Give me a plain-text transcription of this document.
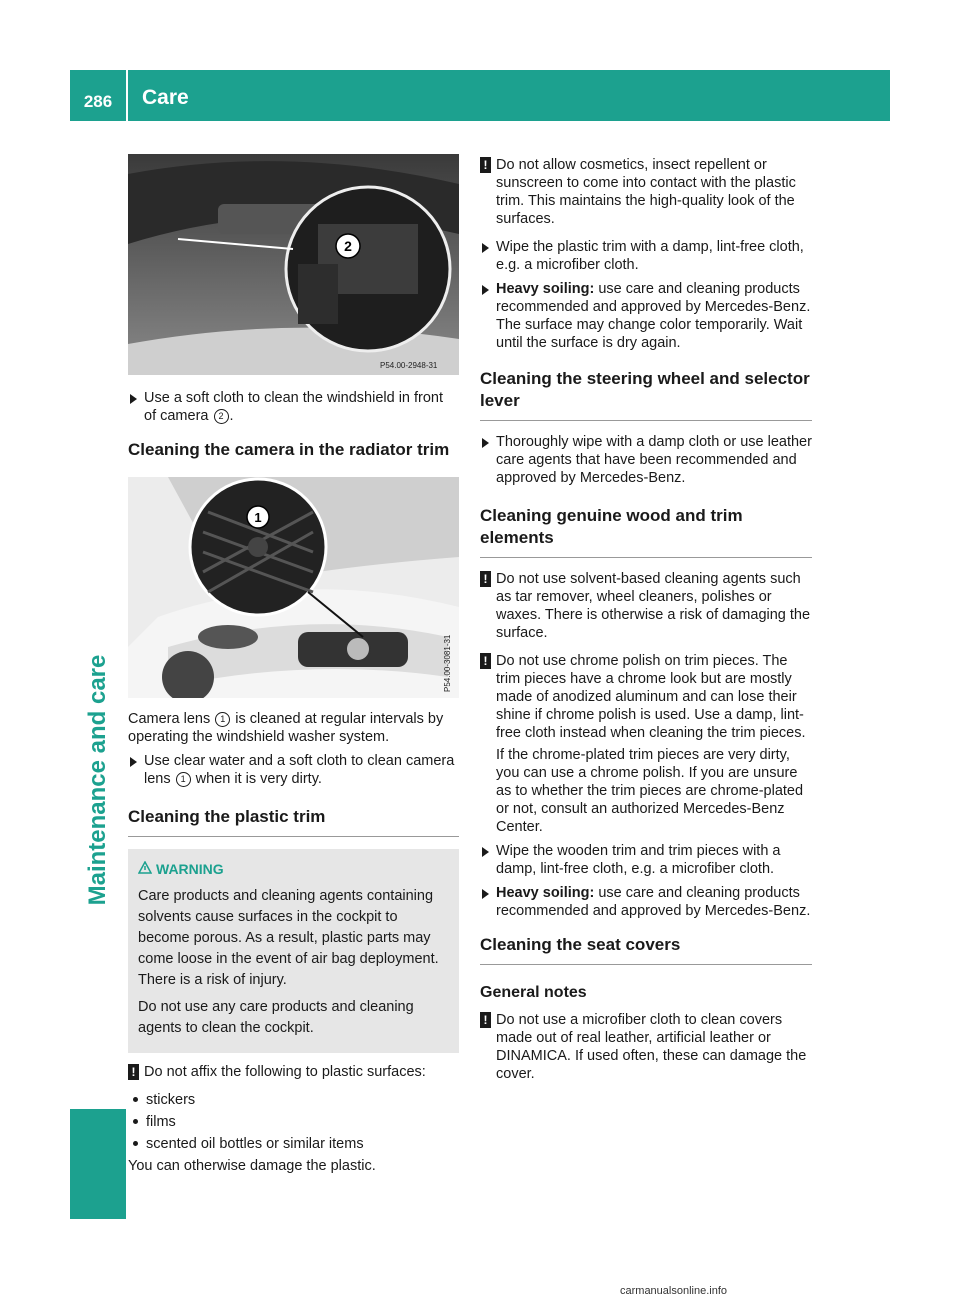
286	Care
Maintenance and care
2
P54.00-2948-31

Use a soft cloth to clean the windshield in front of camera 2 .

Cleaning the camera in the radiator trim
1
P54.00-3081-31

Camera lens 1 is cleaned at regular intervals by operating the windshield washer system.

Use clear water and a soft cloth to clean camera lens 1 when it is very dirty.

Cleaning the plastic trim
WARNING

Care products and cleaning agents containing solvents cause surfaces in the cockpit to become porous. As a result, plastic parts may come loose in the event of air bag deployment. There is a risk of injury.

Do not use any care products and cleaning agents to clean the cockpit.

! Do not affix the following to plastic surfaces:

stickers

films

scented oil bottles or similar items

You can otherwise damage the plastic.

! Do not allow cosmetics, insect repellent or sunscreen to come into contact with the plastic trim. This maintains the high-quality look of the surfaces.

Wipe the plastic trim with a damp, lint-free cloth, e.g. a microfiber cloth.

Heavy soiling: use care and cleaning products recommended and approved by Mercedes-Benz.

The surface may change color temporarily. Wait until the surface is dry again.

Cleaning the steering wheel and selector lever

Thoroughly wipe with a damp cloth or use leather care agents that have been recommended and approved by Mercedes-Benz.

Cleaning genuine wood and trim elements
! Do not use solvent-based cleaning agents such as tar remover, wheel cleaners, polishes or waxes. There is otherwise a risk of damaging the surface.
! Do not use chrome polish on trim pieces. The trim pieces have a chrome look but are mostly made of anodized aluminum and can lose their shine if chrome polish is used. Use a damp, lint-free cloth instead when cleaning the trim pieces.

If the chrome-plated trim pieces are very dirty, you can use a chrome polish. If you are unsure as to whether the trim pieces are chrome-plated or not, consult an authorized Mercedes-Benz Center.

Wipe the wooden trim and trim pieces with a damp, lint-free cloth, e.g. a microfiber cloth.

Heavy soiling: use care and cleaning products recommended and approved by Mercedes-Benz.

Cleaning the seat covers
General notes
! Do not use a microfiber cloth to clean covers made out of real leather, artificial leather or DINAMICA. If used often, these can damage the cover.
carmanualsonline.info
